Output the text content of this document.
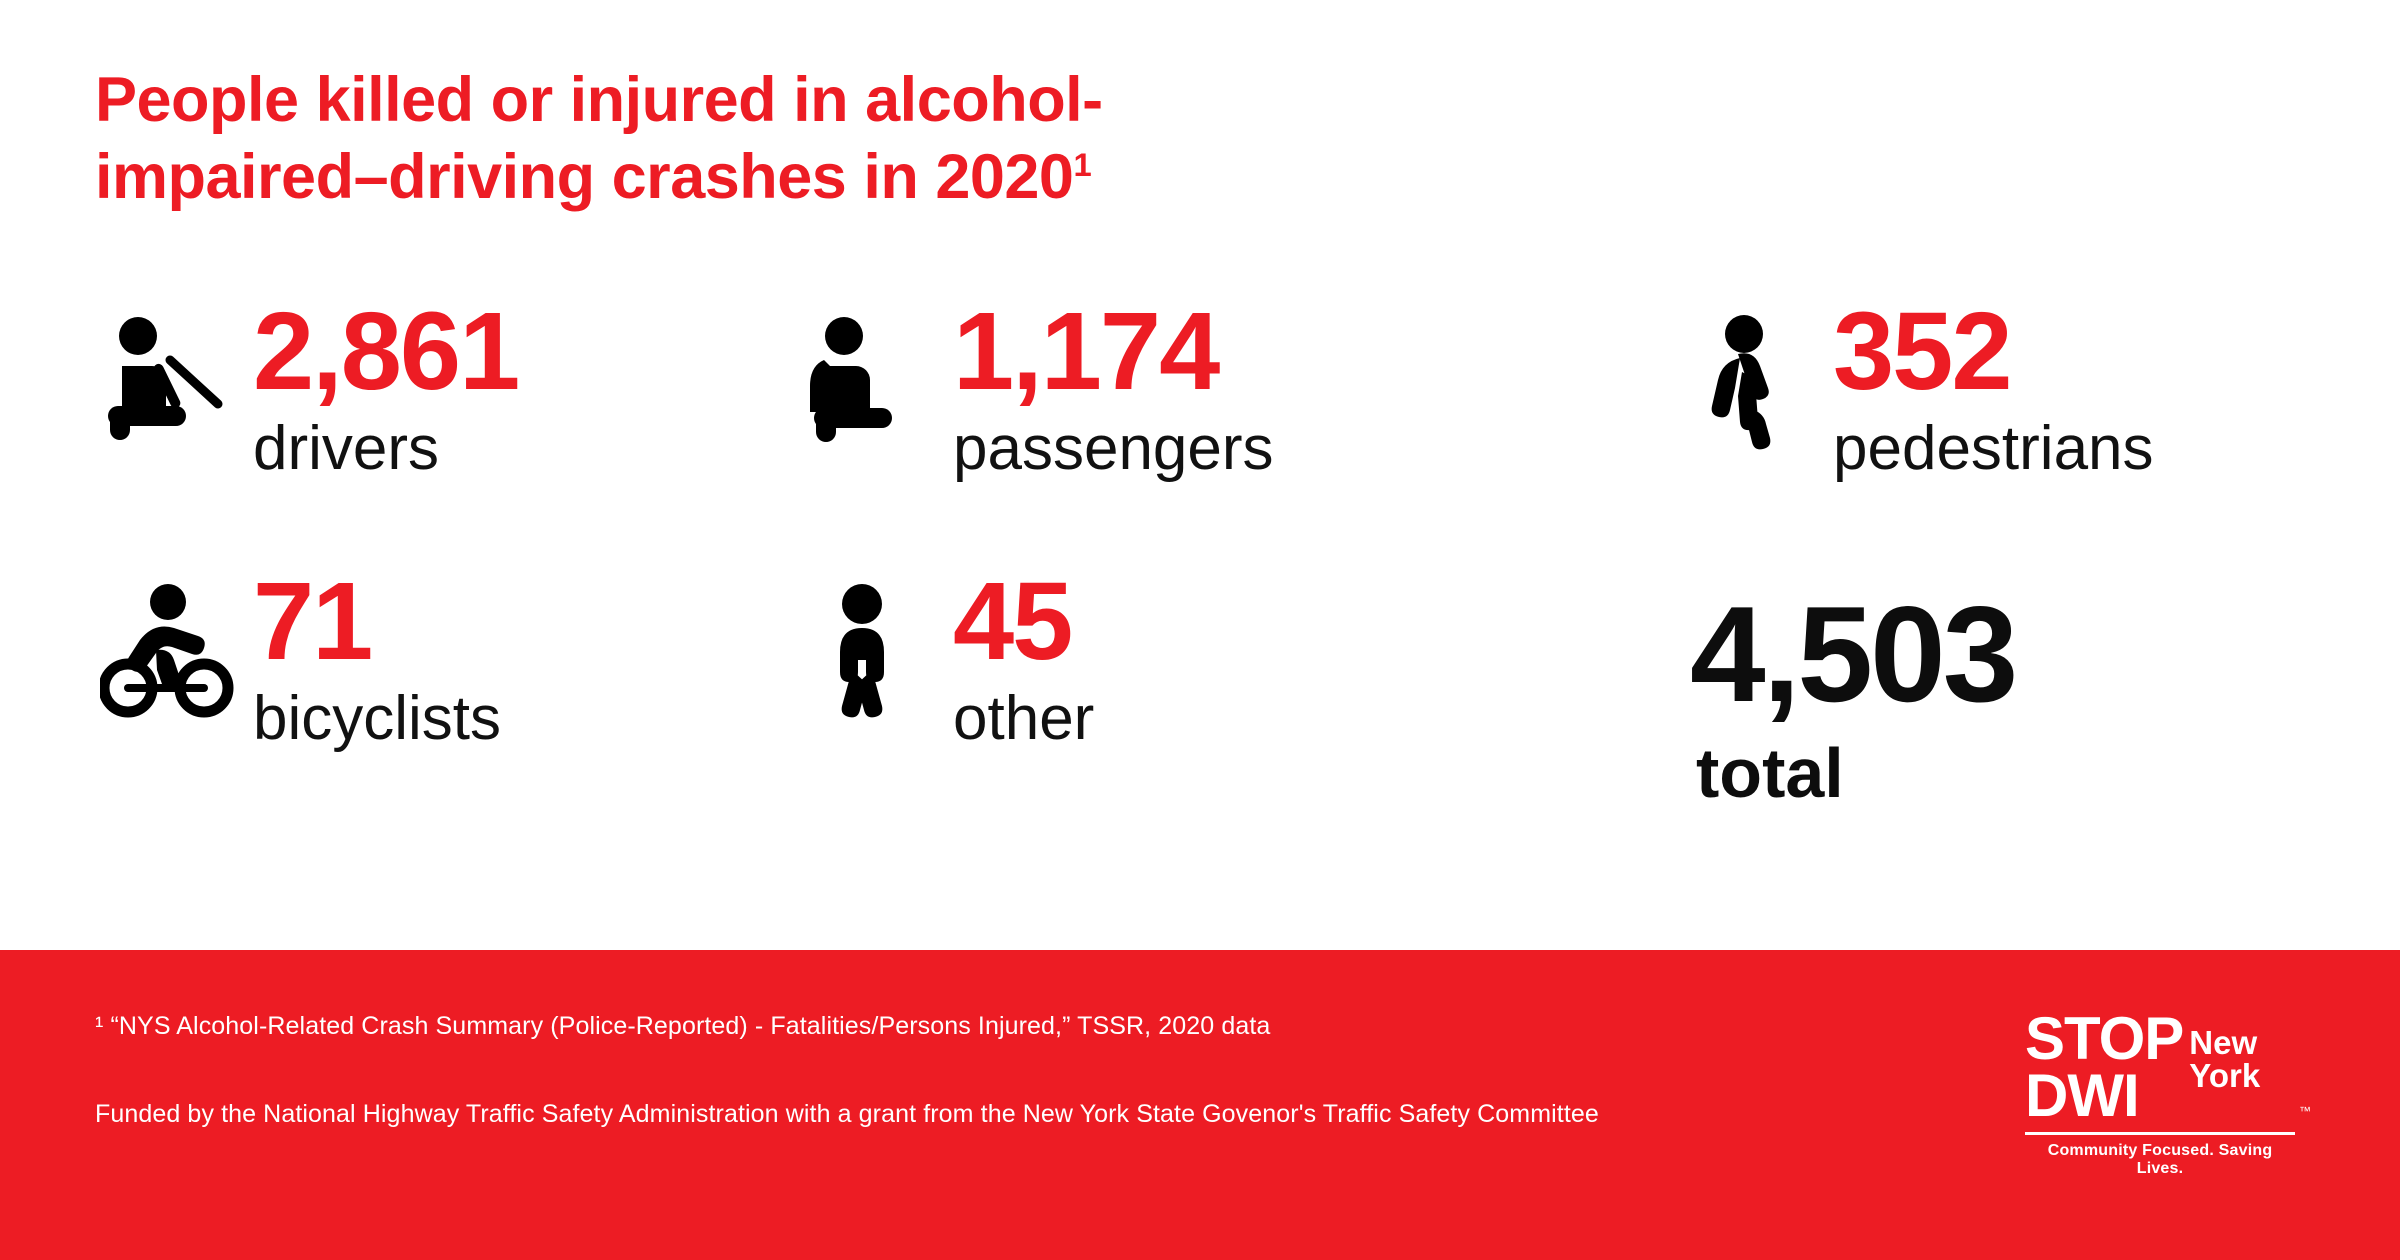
People killed or injured in alcohol-
impaired–driving crashes in 2020$^1$
2,861
drivers
1,174
passengers
352
pedestrians
71
bicyclists
45
other	4,503
total
¹ “NYS Alcohol-Related Crash Summary (Police-Reported) - Fatalities/Persons Injured,” TSSR, 2020 data
Funded by the National Highway Traffic Safety Administration with a grant from the New York State Govenor's Traffic Safety Committee
STOP
DWI
New
York
™
Community Focused. Saving Lives.
